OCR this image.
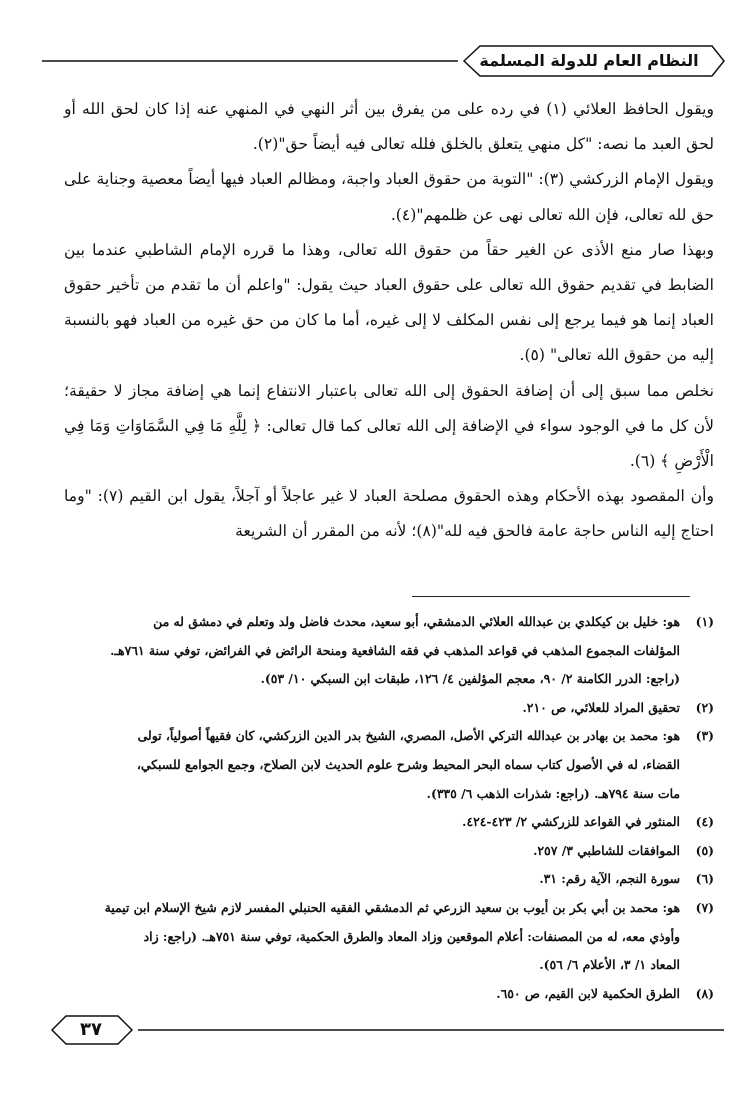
النظام العام للدولة المسلمة

ويقول الحافظ العلائي (١) في رده على من يفرق بين أثر النهي في المنهي عنه إذا كان لحق الله أو لحق العبد ما نصه: "كل منهي يتعلق بالخلق فلله تعالى فيه أيضاً حق"(٢).

ويقول الإمام الزركشي (٣): "التوبة من حقوق العباد واجبة، ومظالم العباد فيها أيضاً معصية وجناية على حق لله تعالى، فإن الله تعالى نهى عن ظلمهم"(٤).

وبهذا صار منع الأذى عن الغير حقاً من حقوق الله تعالى، وهذا ما قرره الإمام الشاطبي عندما بين الضابط في تقديم حقوق الله تعالى على حقوق العباد حيث يقول: "واعلم أن ما تقدم من تأخير حقوق العباد إنما هو فيما يرجع إلى نفس المكلف لا إلى غيره، أما ما كان من حق غيره من العباد فهو بالنسبة إليه من حقوق الله تعالى" (٥).

نخلص مما سبق إلى أن إضافة الحقوق إلى الله تعالى باعتبار الانتفاع إنما هي إضافة مجاز لا حقيقة؛ لأن كل ما في الوجود سواء في الإضافة إلى الله تعالى كما قال تعالى: ﴿ لِلَّهِ مَا فِي السَّمَاوَاتِ وَمَا فِي الْأَرْضِ ﴾ (٦).

وأن المقصود بهذه الأحكام وهذه الحقوق مصلحة العباد لا غير عاجلاً أو آجلاً، يقول ابن القيم (٧): "وما احتاج إليه الناس حاجة عامة فالحق فيه لله"(٨)؛ لأنه من المقرر أن الشريعة

(١)
هو: خليل بن كيكلدي بن عبدالله العلائي الدمشقي، أبو سعيد، محدث فاضل ولد وتعلم في دمشق له من
المؤلفات المجموع المذهب في قواعد المذهب في فقه الشافعية ومنحة الرائض في الفرائض، توفي سنة ٧٦١هـ.
(راجع: الدرر الكامنة ٢/ ٩٠، معجم المؤلفين ٤/ ١٢٦، طبقات ابن السبكي ١٠/ ٥٣).
(٢)
تحقيق المراد للعلائي، ص ٢١٠.
(٣)
هو: محمد بن بهادر بن عبدالله التركي الأصل، المصري، الشيخ بدر الدين الزركشي، كان فقيهاً أصولياً، تولى
القضاء، له في الأصول كتاب سماه البحر المحيط وشرح علوم الحديث لابن الصلاح، وجمع الجوامع للسبكي،
مات سنة ٧٩٤هـ. (راجع: شذرات الذهب ٦/ ٣٣٥).
(٤)
المنثور في القواعد للزركشي ٢/ ٤٢٣-٤٢٤.
(٥)
الموافقات للشاطبي ٣/ ٢٥٧.
(٦)
سورة النجم، الآية رقم: ٣١.
(٧)
هو: محمد بن أبي بكر بن أيوب بن سعيد الزرعي ثم الدمشقي الفقيه الحنبلي المفسر لازم شيخ الإسلام ابن تيمية
وأوذي معه، له من المصنفات: أعلام الموقعين وزاد المعاد والطرق الحكمية، توفي سنة ٧٥١هـ. (راجع: زاد
المعاد ١/ ٣، الأعلام ٦/ ٥٦).
(٨)
الطرق الحكمية لابن القيم، ص ٦٥٠.
٣٧
